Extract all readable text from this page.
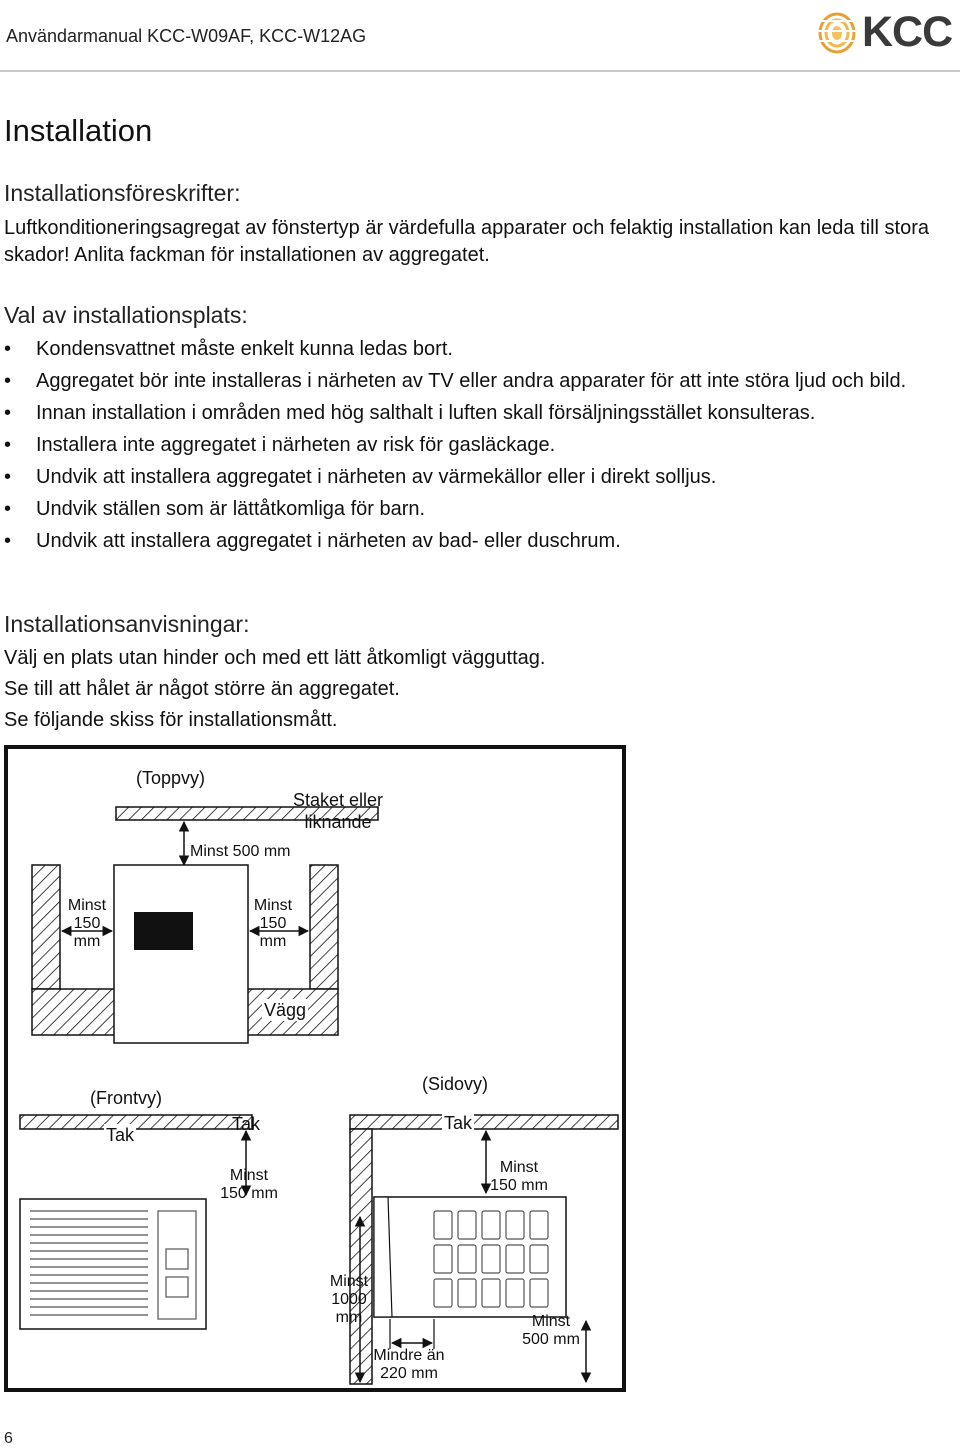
Användarmanual KCC-W09AF, KCC-W12AG	KCC
Installation
Installationsföreskrifter:

Luftkonditioneringsagregat av fönstertyp är värdefulla apparater och felaktig installation kan leda till stora skador! Anlita fackman för installationen av aggregatet.

Val av installationsplats:
• Kondensvattnet måste enkelt kunna ledas bort.
• Aggregatet bör inte installeras i närheten av TV eller andra apparater för att inte störa ljud och bild.
• Innan installation i områden med hög salthalt i luften skall försäljningsstället konsulteras.
• Installera inte aggregatet i närheten av risk för gasläckage.
• Undvik att installera aggregatet i närheten av värmekällor eller i direkt solljus.
• Undvik ställen som är lättåtkomliga för barn.
• Undvik att installera aggregatet i närheten av bad- eller duschrum.
Installationsanvisningar:
Välj en plats utan hinder och med ett lätt åtkomligt vägguttag.
Se till att hålet är något större än aggregatet.
Se följande skiss för installationsmått.
(Toppvy)
Staket eller liknande
Minst 500 mm
Minst
150
mm
Minst
150
mm
Vägg
(Frontvy)
Tak
Tak
Minst
150 mm
(Sidovy)
Tak
Minst
150 mm
Minst
1000
mm
Mindre än
220 mm
Minst
500 mm
6
